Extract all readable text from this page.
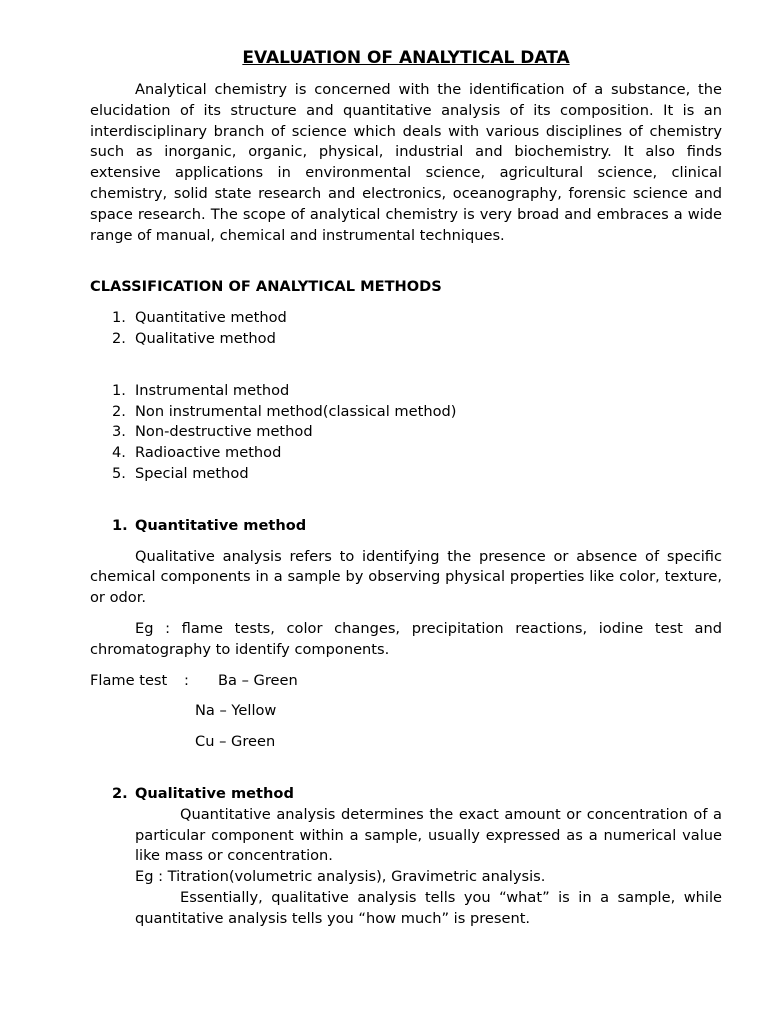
EVALUATION OF ANALYTICAL DATA

Analytical chemistry is concerned with the identification of a substance, the elucidation of its structure and quantitative analysis of its composition. It is an interdisciplinary branch of science which deals with various disciplines of chemistry such as inorganic, organic, physical, industrial and biochemistry. It also finds extensive applications in environmental science, agricultural science, clinical chemistry, solid state research and electronics, oceanography, forensic science and space research. The scope of analytical chemistry is very broad and embraces a wide range of manual, chemical and instrumental techniques.

CLASSIFICATION OF ANALYTICAL METHODS

1. Quantitative method
2. Qualitative method
1. Instrumental method
2. Non instrumental method(classical method)
3. Non-destructive method
4. Radioactive method
5. Special method

1. Quantitative method

Qualitative analysis refers to identifying the presence or absence of specific chemical components in a sample by observing physical properties like color, texture, or odor.

Eg : flame tests, color changes, precipitation reactions, iodine test and chromatography to identify components.

Flame test : Ba – Green
Na – Yellow
Cu – Green

2. Qualitative method

Quantitative analysis determines the exact amount or concentration of a particular component within a sample, usually expressed as a numerical value like mass or concentration.

Eg : Titration(volumetric analysis), Gravimetric analysis.

Essentially, qualitative analysis tells you “what” is in a sample, while quantitative analysis tells you “how much” is present.
